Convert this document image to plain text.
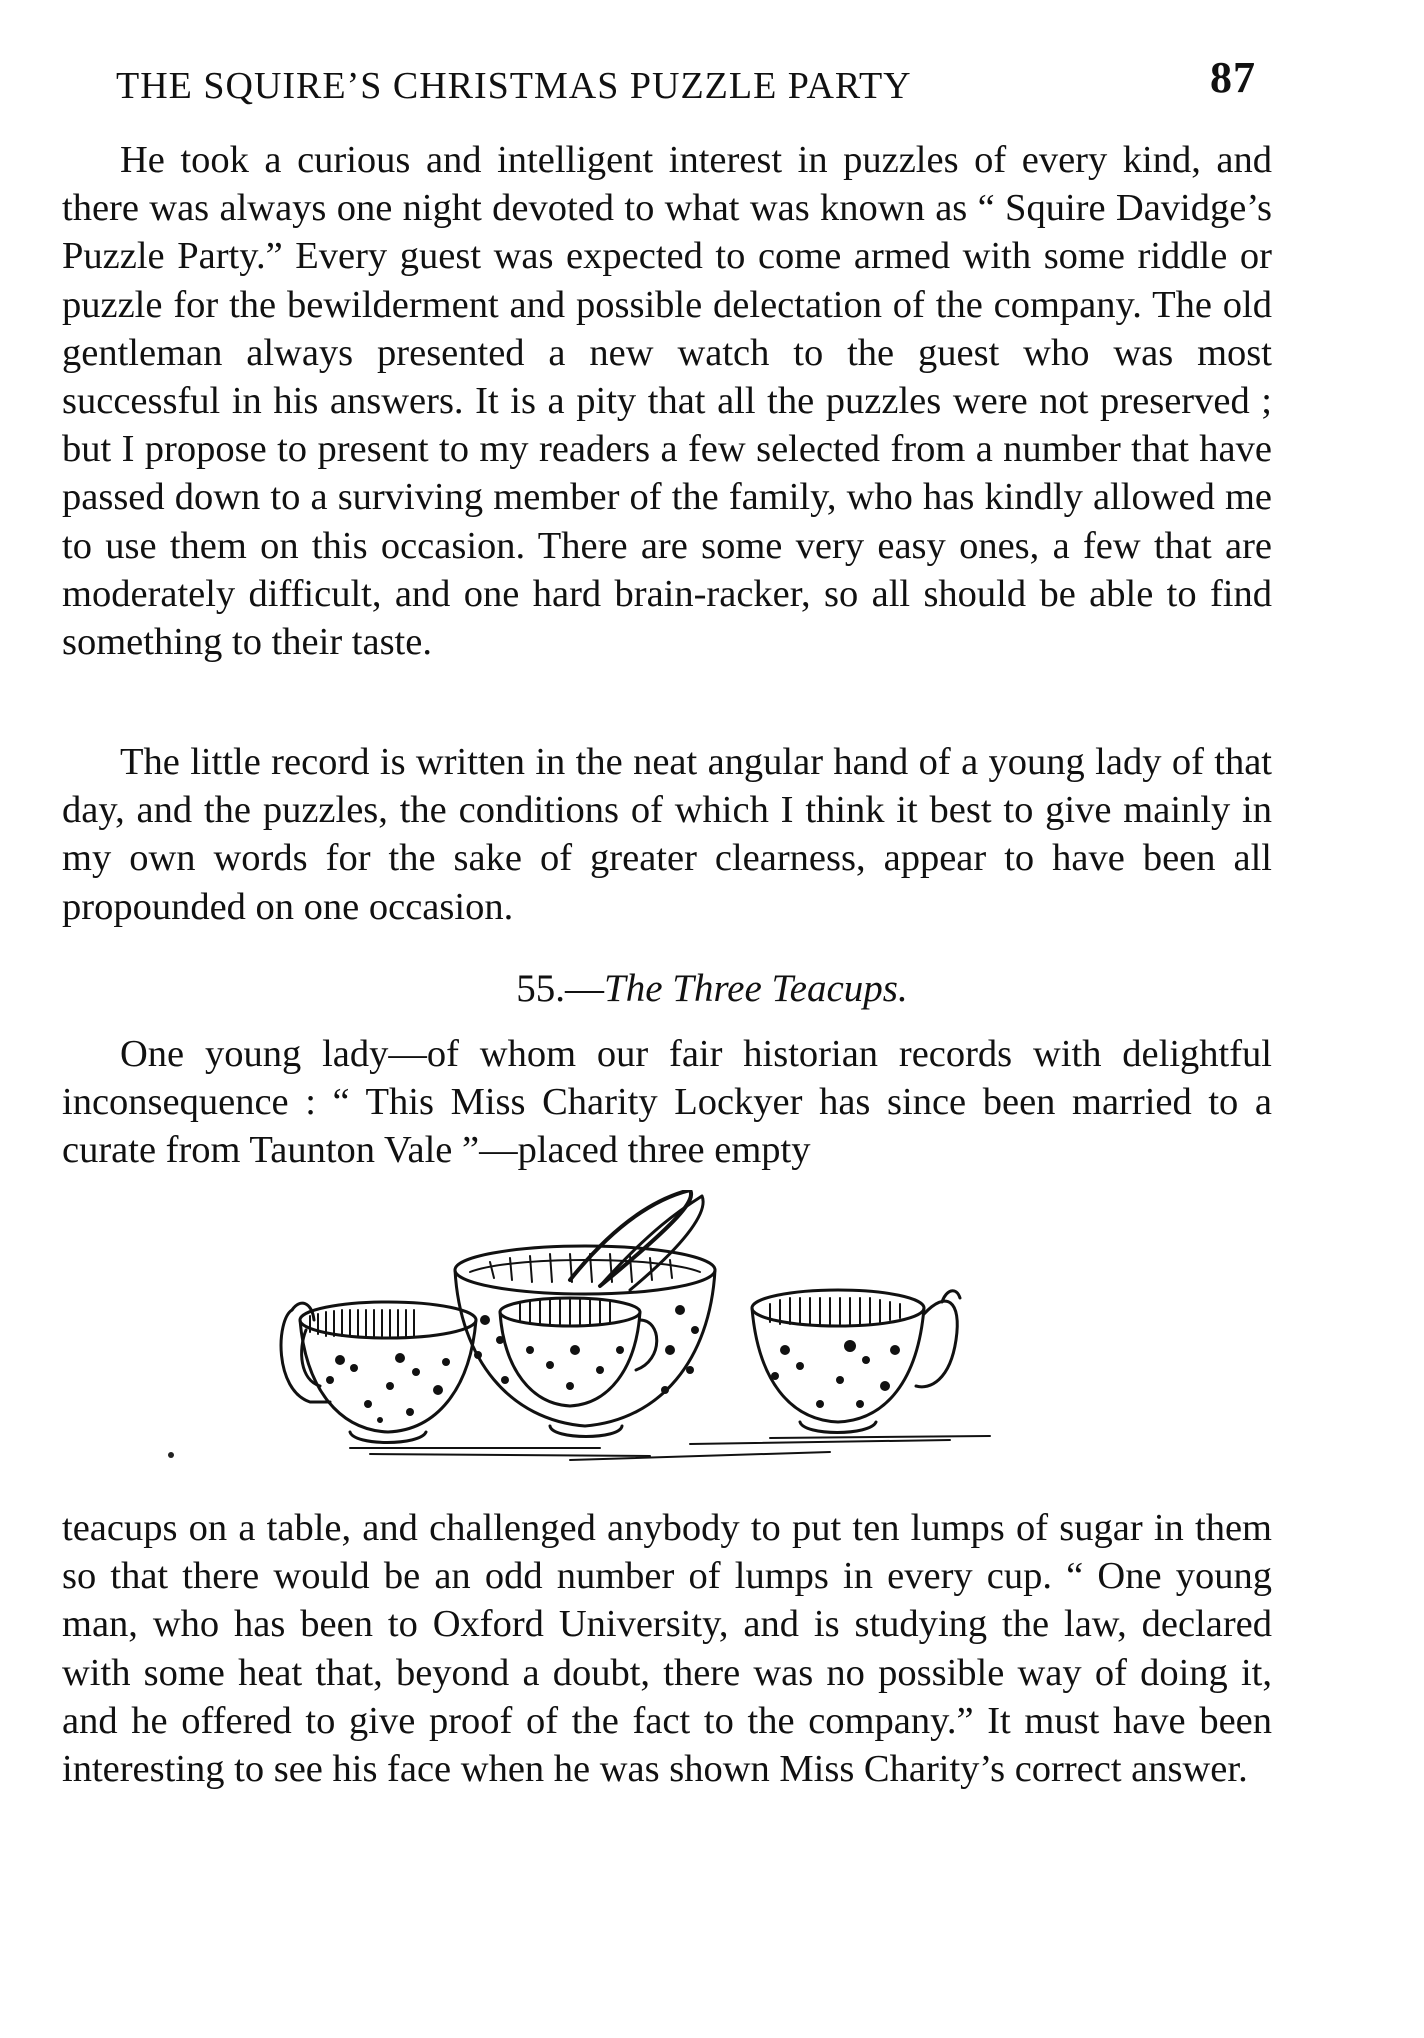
THE SQUIRE’S CHRISTMAS PUZZLE PARTY	87

He took a curious and intelligent interest in puzzles of every kind, and there was always one night devoted to what was known as “ Squire Davidge’s Puzzle Party.” Every guest was expected to come armed with some riddle or puzzle for the bewilderment and possible delectation of the company. The old gentleman always presented a new watch to the guest who was most successful in his answers. It is a pity that all the puzzles were not preserved ; but I propose to present to my readers a few selected from a number that have passed down to a surviving member of the family, who has kindly allowed me to use them on this occasion. There are some very easy ones, a few that are moderately difficult, and one hard brain-racker, so all should be able to find something to their taste.

The little record is written in the neat angular hand of a young lady of that day, and the puzzles, the conditions of which I think it best to give mainly in my own words for the sake of greater clearness, appear to have been all propounded on one occasion.

55.—The Three Teacups.

One young lady—of whom our fair historian records with delightful inconsequence : “ This Miss Charity Lockyer has since been married to a curate from Taunton Vale ”—placed three empty

teacups on a table, and challenged anybody to put ten lumps of sugar in them so that there would be an odd number of lumps in every cup. “ One young man, who has been to Oxford University, and is studying the law, declared with some heat that, beyond a doubt, there was no possible way of doing it, and he offered to give proof of the fact to the company.” It must have been interesting to see his face when he was shown Miss Charity’s correct answer.
